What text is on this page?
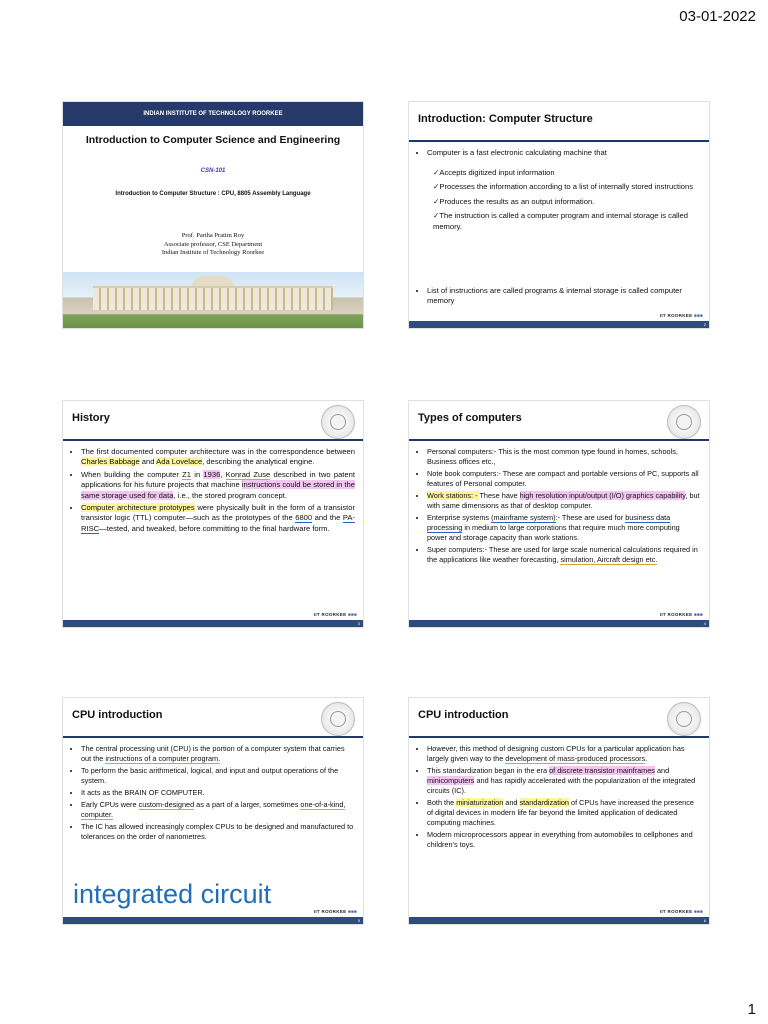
03-01-2022
INDIAN INSTITUTE OF TECHNOLOGY ROORKEE
Introduction to Computer Science and Engineering
CSN-101
Introduction to Computer Structure : CPU, 8805 Assembly Language
Prof. Partha Pratim Roy
Associate professor, CSE Department
Indian Institute of Technology Roorkee
Introduction: Computer Structure
• Computer is a fast electronic calculating machine that
✓ Accepts digitized input information
✓ Processes the information according to a list of internally stored instructions
✓ Produces the results as an output information.
✓ The instruction is called a computer program and internal storage is called memory.
• List of instructions are called programs & internal storage is called computer memory
IIT ROORKEE ■■■
2
History
• The first documented computer architecture was in the correspondence between Charles Babbage and Ada Lovelace, describing the analytical engine.
• When building the computer Z1 in 1936, Konrad Zuse described in two patent applications for his future projects that machine instructions could be stored in the same storage used for data, i.e., the stored program concept.
• Computer architecture prototypes were physically built in the form of a transistor transistor logic (TTL) computer—such as the prototypes of the 6800 and the PA-RISC—tested, and tweaked, before committing to the final hardware form.
IIT ROORKEE ■■■
3
Types of computers
• Personal computers:- This is the most common type found in homes, schools, Business offices etc.,
• Note book computers:- These are compact and portable versions of PC, supports all features of Personal computer.
• Work stations: - These have high resolution input/output (I/O) graphics capability, but with same dimensions as that of desktop computer.
• Enterprise systems (mainframe system):- These are used for business data processing in medium to large corporations that require much more computing power and storage capacity than work stations.
• Super computers:- These are used for large scale numerical calculations required in the applications like weather forecasting, simulation, Aircraft design etc.
IIT ROORKEE ■■■
4
CPU introduction
• The central processing unit (CPU) is the portion of a computer system that carries out the instructions of a computer program.
• To perform the basic arithmetical, logical, and input and output operations of the system.
• It acts as the BRAIN OF COMPUTER.
• Early CPUs were custom-designed as a part of a larger, sometimes one-of-a-kind, computer.
• The IC has allowed increasingly complex CPUs to be designed and manufactured to tolerances on the order of nanometres.
integrated circuit
IIT ROORKEE ■■■
5
CPU introduction
• However, this method of designing custom CPUs for a particular application has largely given way to the development of mass-produced processors.
• This standardization began in the era of discrete transistor mainframes and minicomputers and has rapidly accelerated with the popularization of the integrated circuits (IC).
• Both the miniaturization and standardization of CPUs have increased the presence of digital devices in modern life far beyond the limited application of dedicated computing machines.
• Modern microprocessors appear in everything from automobiles to cellphones and children's toys.
IIT ROORKEE ■■■
6
1
